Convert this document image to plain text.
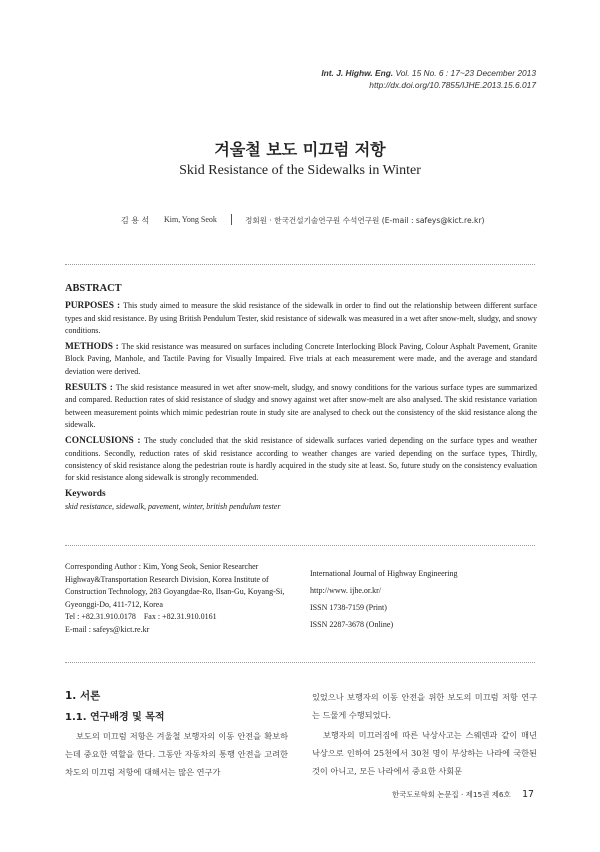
Int. J. Highw. Eng. Vol. 15 No. 6 : 17~23 December 2013
http://dx.doi.org/10.7855/IJHE.2013.15.6.017
겨울철 보도 미끄럼 저항
Skid Resistance of the Sidewalks in Winter
김 용 석 Kim, Yong Seok	정회원 · 한국건설기술연구원 수석연구원 (E-mail : safeys@kict.re.kr)
ABSTRACT

PURPOSES : This study aimed to measure the skid resistance of the sidewalk in order to find out the relationship between different surface types and skid resistance. By using British Pendulum Tester, skid resistance of sidewalk was measured in a wet after snow-melt, sludgy, and snowy conditions.

METHODS : The skid resistance was measured on surfaces including Concrete Interlocking Block Paving, Colour Asphalt Pavement, Granite Block Paving, Manhole, and Tactile Paving for Visually Impaired. Five trials at each measurement were made, and the average and standard deviation were derived.

RESULTS : The skid resistance measured in wet after snow-melt, sludgy, and snowy conditions for the various surface types are summarized and compared. Reduction rates of skid resistance of sludgy and snowy against wet after snow-melt are also analysed. The skid resistance variation between measurement points which mimic pedestrian route in study site are analysed to check out the consistency of the skid resistance along the sidewalk.

CONCLUSIONS : The study concluded that the skid resistance of sidewalk surfaces varied depending on the surface types and weather conditions. Secondly, reduction rates of skid resistance according to weather changes are varied depending on the surface types, Thirdly, consistency of skid resistance along the pedestrian route is hardly acquired in the study site at least. So, future study on the consistency evaluation for skid resistance along sidewalk is strongly recommended.

Keywords

skid resistance, sidewalk, pavement, winter, british pendulum tester

Corresponding Author : Kim, Yong Seok, Senior Researcher
Highway&Transportation Research Division, Korea Institute of
Construction Technology, 283 Goyangdae-Ro, Ilsan-Gu, Koyang-Si,
Gyeonggi-Do, 411-712, Korea
Tel : +82.31.910.0178    Fax : +82.31.910.0161
E-mail : safeys@kict.re.kr
International Journal of Highway Engineering
http://www. ijhe.or.kr/
ISSN 1738-7159 (Print)
ISSN 2287-3678 (Online)
1. 서론
1.1. 연구배경 및 목적

보도의 미끄럼 저항은 겨울철 보행자의 이동 안전을 확보하는데 중요한 역할을 한다. 그동안 자동차의 통행 안전을 고려한 차도의 미끄럼 저항에 대해서는 많은 연구가

있었으나 보행자의 이동 안전을 위한 보도의 미끄럼 저항 연구는 드물게 수행되었다.

보행자의 미끄러짐에 따른 낙상사고는 스웨덴과 같이 매년 낙상으로 인하여 25천에서 30천 명이 부상하는 나라에 국한된 것이 아니고, 모든 나라에서 중요한 사회문

한국도로학회 논문집 · 제15권 제6호 17
